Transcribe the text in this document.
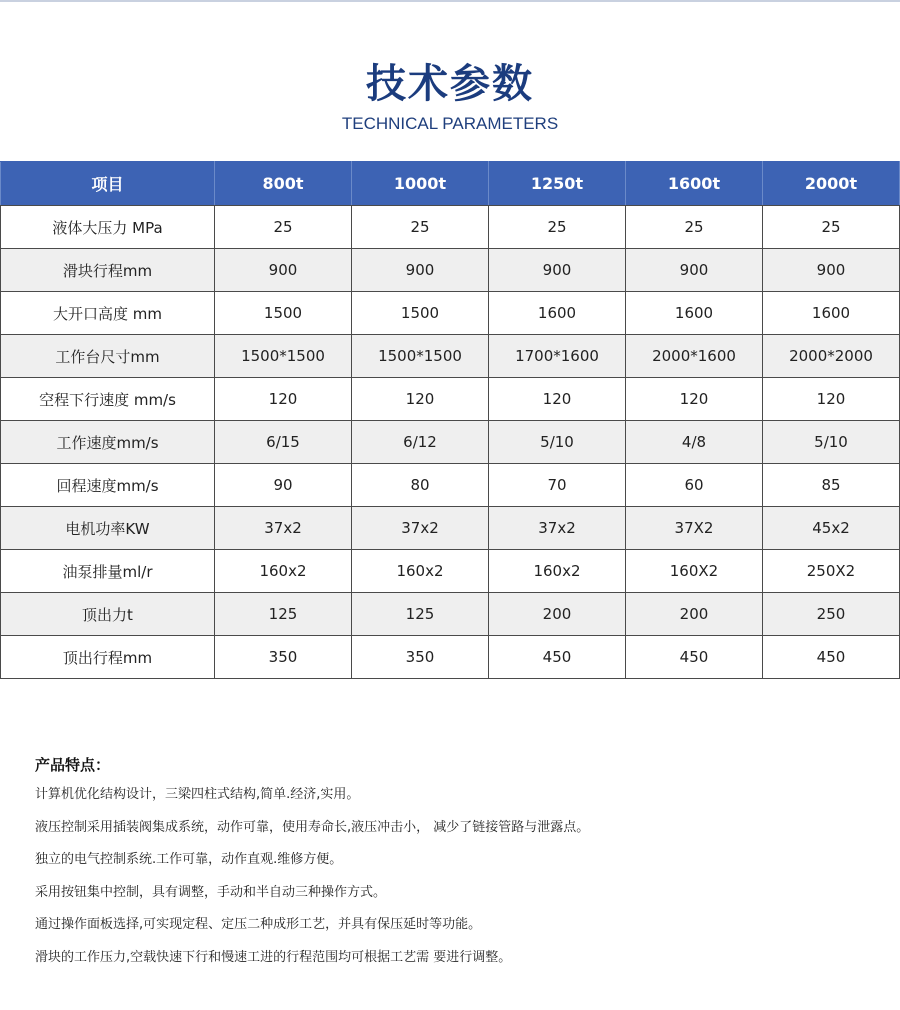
技术参数
TECHNICAL PARAMETERS
项目	800t	1000t	1250t	1600t	2000t
液体大压力 MPa	25	25	25	25	25
滑块行程mm	900	900	900	900	900
大开口高度 mm	1500	1500	1600	1600	1600
工作台尺寸mm	1500*1500	1500*1500	1700*1600	2000*1600	2000*2000
空程下行速度 mm/s	120	120	120	120	120
工作速度mm/s	6/15	6/12	5/10	4/8	5/10
回程速度mm/s	90	80	70	60	85
电机功率KW	37x2	37x2	37x2	37X2	45x2
油泵排量ml/r	160x2	160x2	160x2	160X2	250X2
顶出力t	125	125	200	200	250
顶出行程mm	350	350	450	450	450
产品特点：
计算机优化结构设计，三梁四柱式结构,简单.经济,实用。
液压控制采用插装阀集成系统，动作可靠，使用寿命长,液压冲击小， 减少了链接管路与泄露点。
独立的电气控制系统.工作可靠，动作直观.维修方便。
采用按钮集中控制，具有调整，手动和半自动三种操作方式。
通过操作面板选择,可实现定程、定压二种成形工艺，并具有保压延时等功能。
滑块的工作压力,空载快速下行和慢速工进的行程范围均可根据工艺需 要进行调整。
